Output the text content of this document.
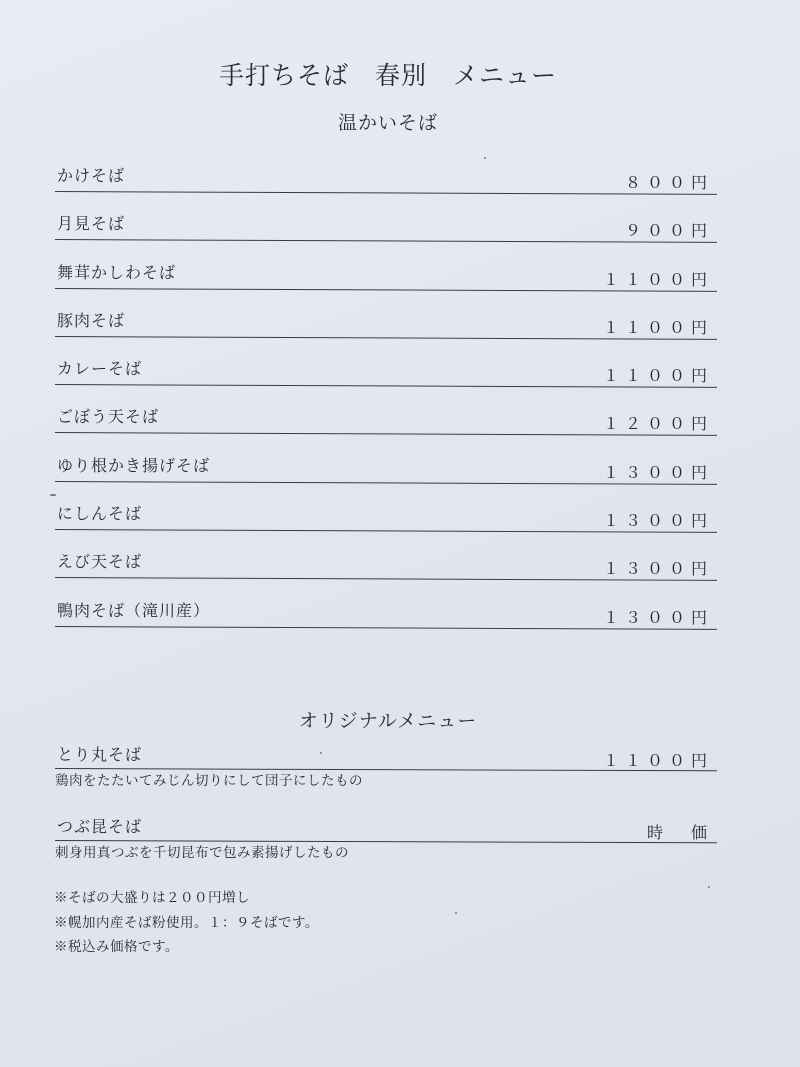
手打ちそば　春別　メニュー
温かいそば
かけそば	８００円
月見そば	９００円
舞茸かしわそば	１１００円
豚肉そば	１１００円
カレーそば	１１００円
ごぼう天そば	１２００円
ゆり根かき揚げそば	１３００円
にしんそば	１３００円
えび天そば	１３００円
鴨肉そば（滝川産）	１３００円
オリジナルメニュー
とり丸そば	１１００円
鶏肉をたたいてみじん切りにして団子にしたもの
つぶ昆そば	時　価
刺身用真つぶを千切昆布で包み素揚げしたもの
※そばの大盛りは２００円増し
※幌加内産そば粉使用。１：９そばです。
※税込み価格です。
